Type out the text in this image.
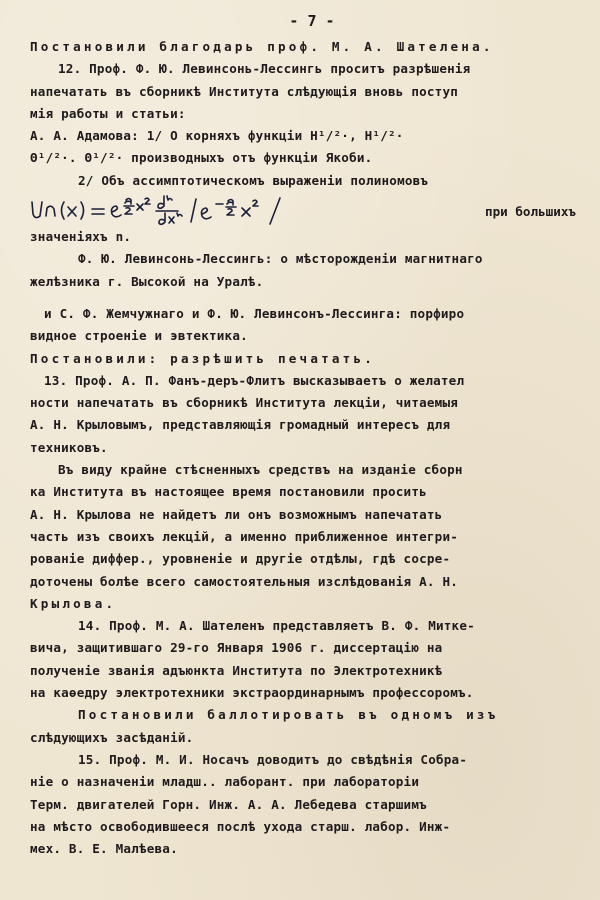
- 7 -
Постановили благодарь проф. М. А. Шателена.
12. Проф. Ф. Ю. Левинсонь-Лессингь проситъ разрѣшенія
напечатать въ сборникѣ Института слѣдующія вновь поступ
мія работы и статьи:
А. А. Адамова: 1/ О корняхъ функціи H¹/²·, H¹/²·
Θ¹/²·. Θ¹/²· производныхъ отъ функціи Якоби.
2/ Объ ассимптотическомъ выраженіи полиномовъ
при большихъ
значеніяхъ n.
Ф. Ю. Левинсонь-Лессингь: о мѣсторожденіи магнитнаго
желѣзника г. Высокой на Уралѣ.
и С. Ф. Жемчужнаго и Ф. Ю. Левинсонъ-Лессинга: порфиро
видное строеніе и эвтектика.
Постановили: разрѣшить печатать.
13. Проф. А. П. Фанъ-деръ-Флитъ высказываетъ о желател
ности напечатать въ сборникѣ Института лекціи, читаемыя
А. Н. Крыловымъ, представляющія громадный интересъ для
техниковъ.
Въ виду крайне стѣсненныхъ средствъ на изданіе сборн
ка Института въ настоящее время постановили просить
А. Н. Крылова не найдетъ ли онъ возможнымъ напечатать
часть изъ своихъ лекцій, а именно приближенное интегри-
рованіе диффер., уровненіе и другіе отдѣлы, гдѣ сосре-
доточены болѣе всего самостоятельныя изслѣдованія А. Н.
Крылова.
14. Проф. М. А. Шателенъ представляетъ В. Ф. Миткe-
вича, защитившаго 29-го Января 1906 г. диссертацію на
полученіе званія адъюнкта Института по Электротехникѣ
на каѳедру электротехники экстраординарнымъ профессоромъ.
Постановили баллотировать въ одномъ изъ
слѣдующихъ засѣданій.
15. Проф. М. И. Носачъ доводитъ до свѣдѣнія Собра-
ніе о назначеніи младш.. лаборант. при лабораторіи
Терм. двигателей Горн. Инж. А. А. Лебедева старшимъ
на мѣсто освободившееся послѣ ухода старш. лабор. Инж-
мех. В. Е. Малѣева.
